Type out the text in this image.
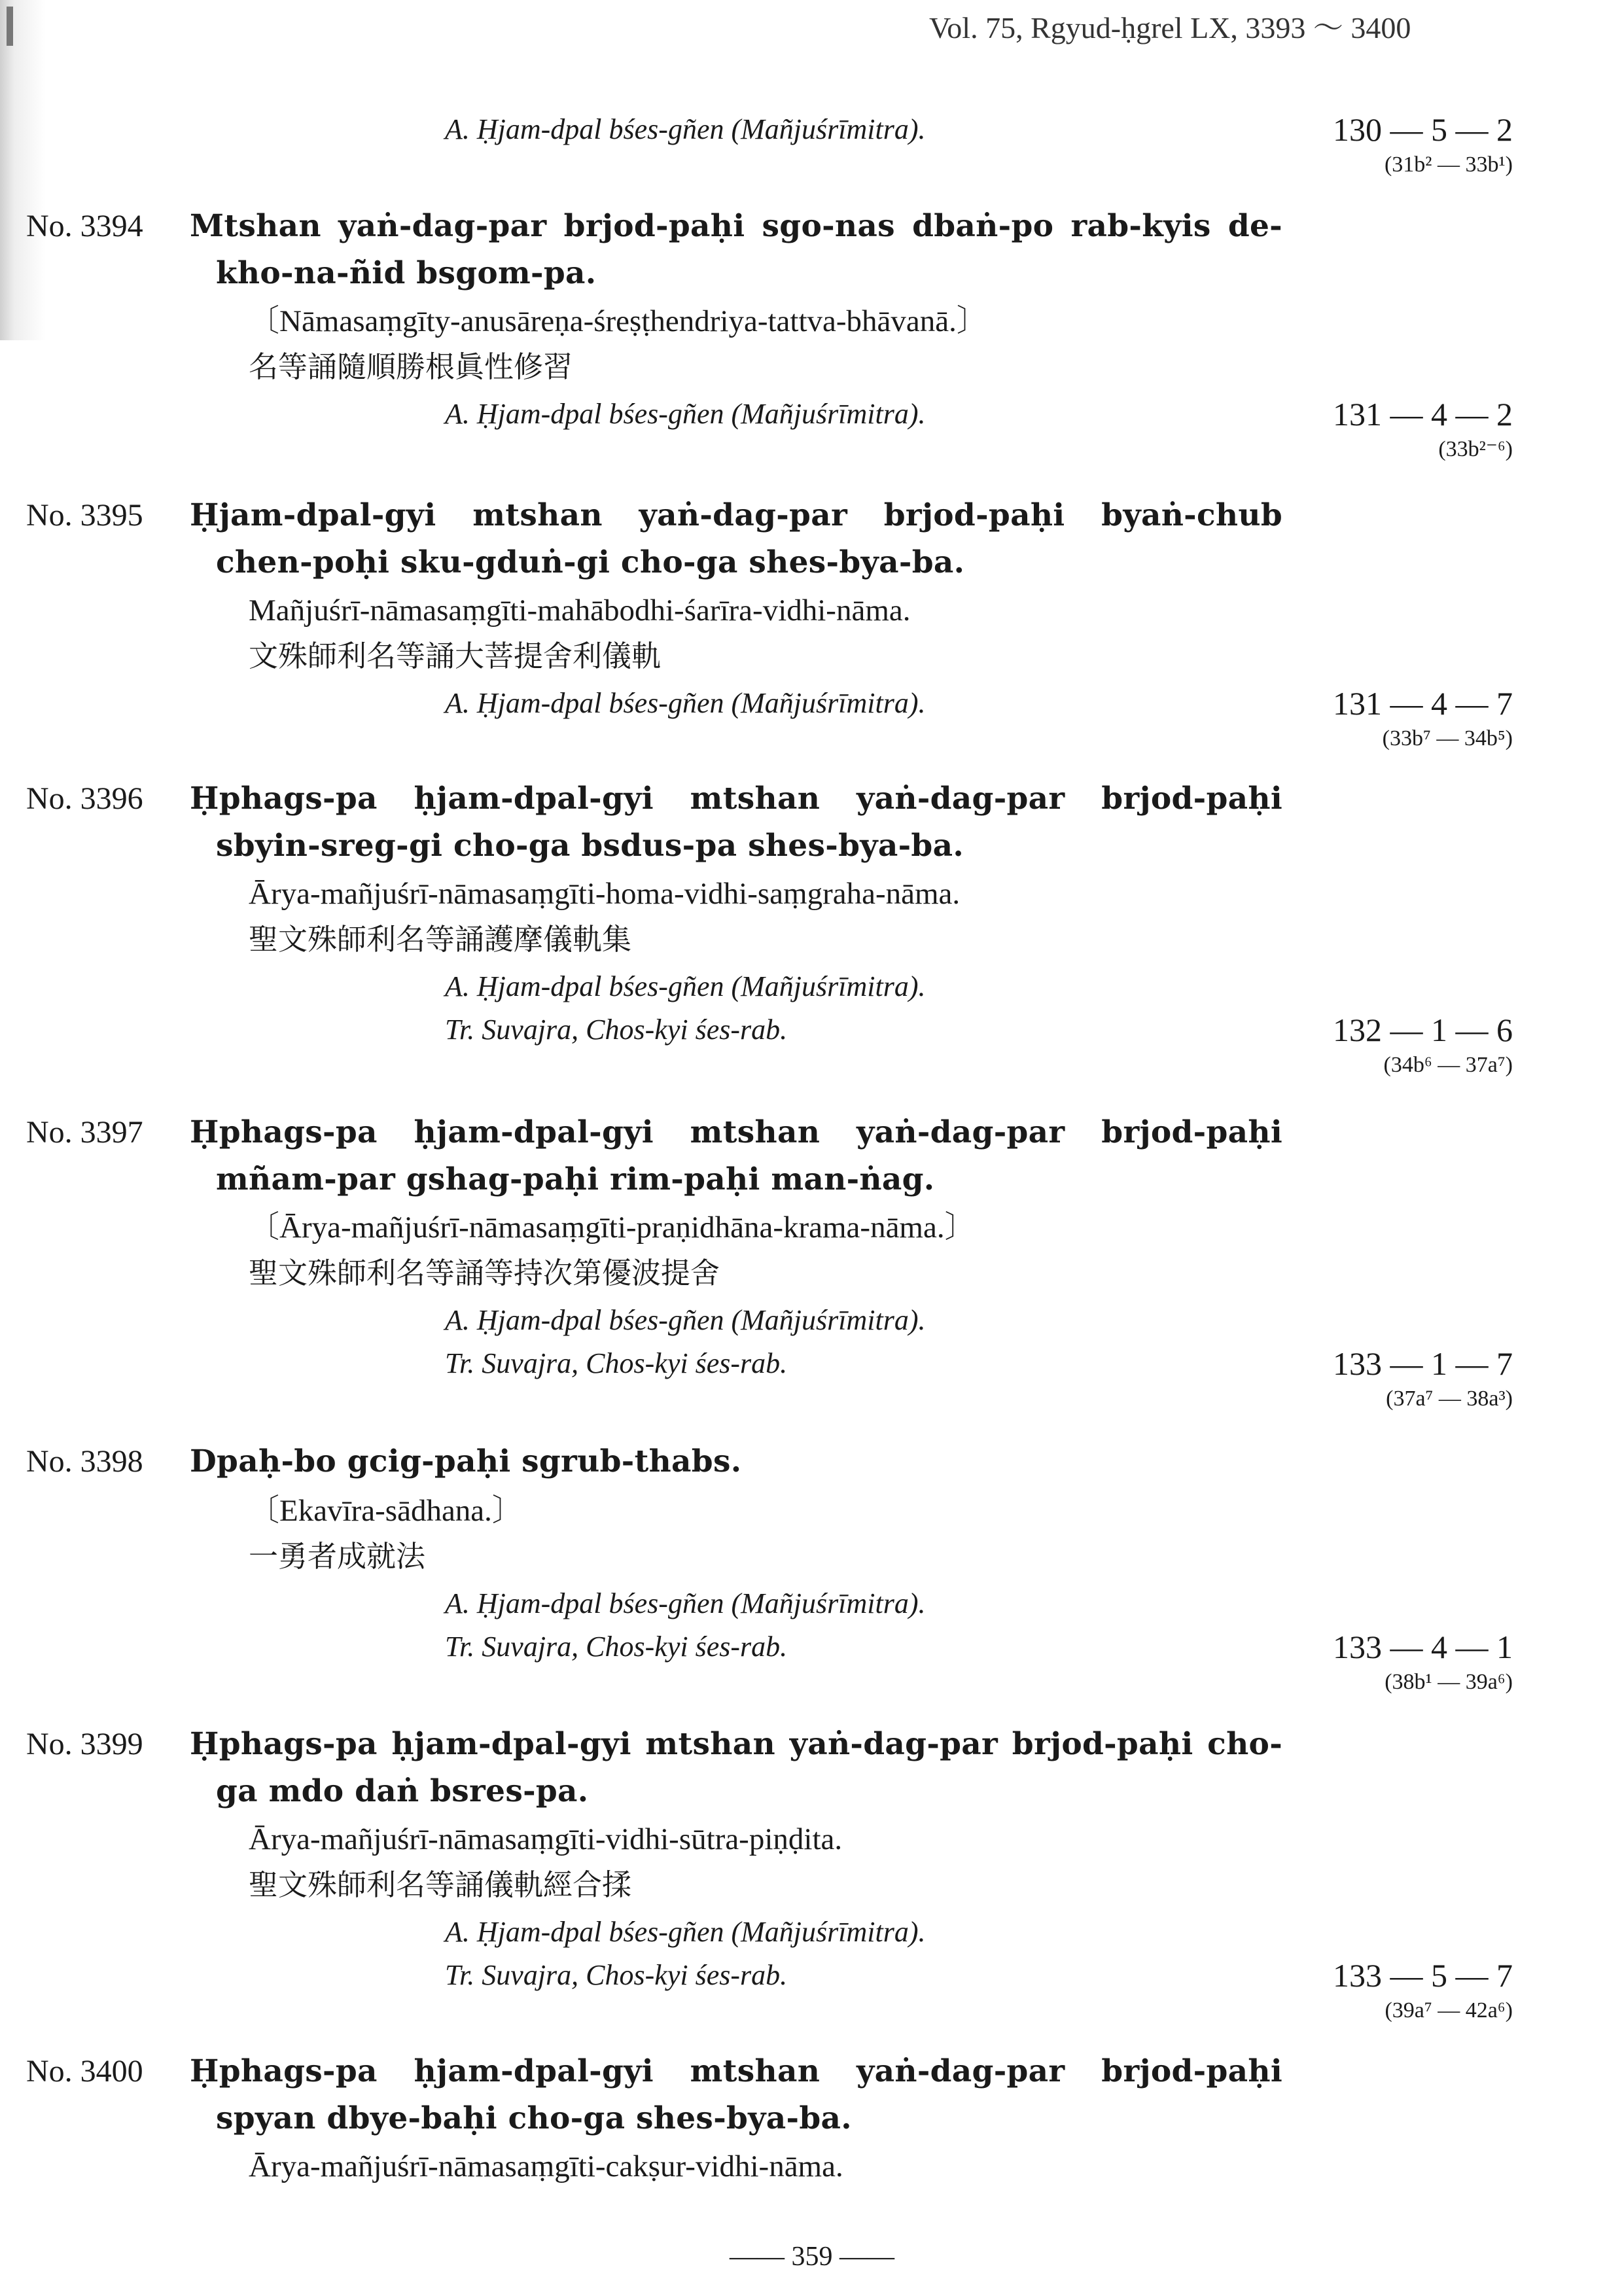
Vol. 75, Rgyud-ḥgrel LX, 3393 ～ 3400
A. Ḥjam-dpal bśes-gñen (Mañjuśrīmitra).	130 — 5 — 2
(31b² — 33b¹)
No. 3394	Mtshan yaṅ-dag-par brjod-paḥi sgo-nas dbaṅ-po rab-kyis de-kho-na-ñid bsgom-pa.
〔Nāmasaṃgīty-anusāreṇa-śreṣṭhendriya-tattva-bhāvanā.〕
名等誦隨順勝根眞性修習
A. Ḥjam-dpal bśes-gñen (Mañjuśrīmitra).	131 — 4 — 2
(33b²⁻⁶)
No. 3395	Ḥjam-dpal-gyi mtshan yaṅ-dag-par brjod-paḥi byaṅ-chub chen-poḥi sku-gduṅ-gi cho-ga shes-bya-ba.
Mañjuśrī-nāmasaṃgīti-mahābodhi-śarīra-vidhi-nāma.
文殊師利名等誦大菩提舍利儀軌
A. Ḥjam-dpal bśes-gñen (Mañjuśrīmitra).	131 — 4 — 7
(33b⁷ — 34b⁵)
No. 3396	Ḥphags-pa ḥjam-dpal-gyi mtshan yaṅ-dag-par brjod-paḥi sbyin-sreg-gi cho-ga bsdus-pa shes-bya-ba.
Ārya-mañjuśrī-nāmasaṃgīti-homa-vidhi-saṃgraha-nāma.
聖文殊師利名等誦護摩儀軌集
A. Ḥjam-dpal bśes-gñen (Mañjuśrīmitra).
Tr. Suvajra, Chos-kyi śes-rab.	132 — 1 — 6
(34b⁶ — 37a⁷)
No. 3397	Ḥphags-pa ḥjam-dpal-gyi mtshan yaṅ-dag-par brjod-paḥi mñam-par gshag-paḥi rim-paḥi man-ṅag.
〔Ārya-mañjuśrī-nāmasaṃgīti-praṇidhāna-krama-nāma.〕
聖文殊師利名等誦等持次第優波提舍
A. Ḥjam-dpal bśes-gñen (Mañjuśrīmitra).
Tr. Suvajra, Chos-kyi śes-rab.	133 — 1 — 7
(37a⁷ — 38a³)
No. 3398	Dpaḥ-bo gcig-paḥi sgrub-thabs.
〔Ekavīra-sādhana.〕
一勇者成就法
A. Ḥjam-dpal bśes-gñen (Mañjuśrīmitra).
Tr. Suvajra, Chos-kyi śes-rab.	133 — 4 — 1
(38b¹ — 39a⁶)
No. 3399	Ḥphags-pa ḥjam-dpal-gyi mtshan yaṅ-dag-par brjod-paḥi cho-ga mdo daṅ bsres-pa.
Ārya-mañjuśrī-nāmasaṃgīti-vidhi-sūtra-piṇḍita.
聖文殊師利名等誦儀軌經合揉
A. Ḥjam-dpal bśes-gñen (Mañjuśrīmitra).
Tr. Suvajra, Chos-kyi śes-rab.	133 — 5 — 7
(39a⁷ — 42a⁶)
No. 3400	Ḥphags-pa ḥjam-dpal-gyi mtshan yaṅ-dag-par brjod-paḥi spyan dbye-baḥi cho-ga shes-bya-ba.
Ārya-mañjuśrī-nāmasaṃgīti-cakṣur-vidhi-nāma.
—— 359 ——
